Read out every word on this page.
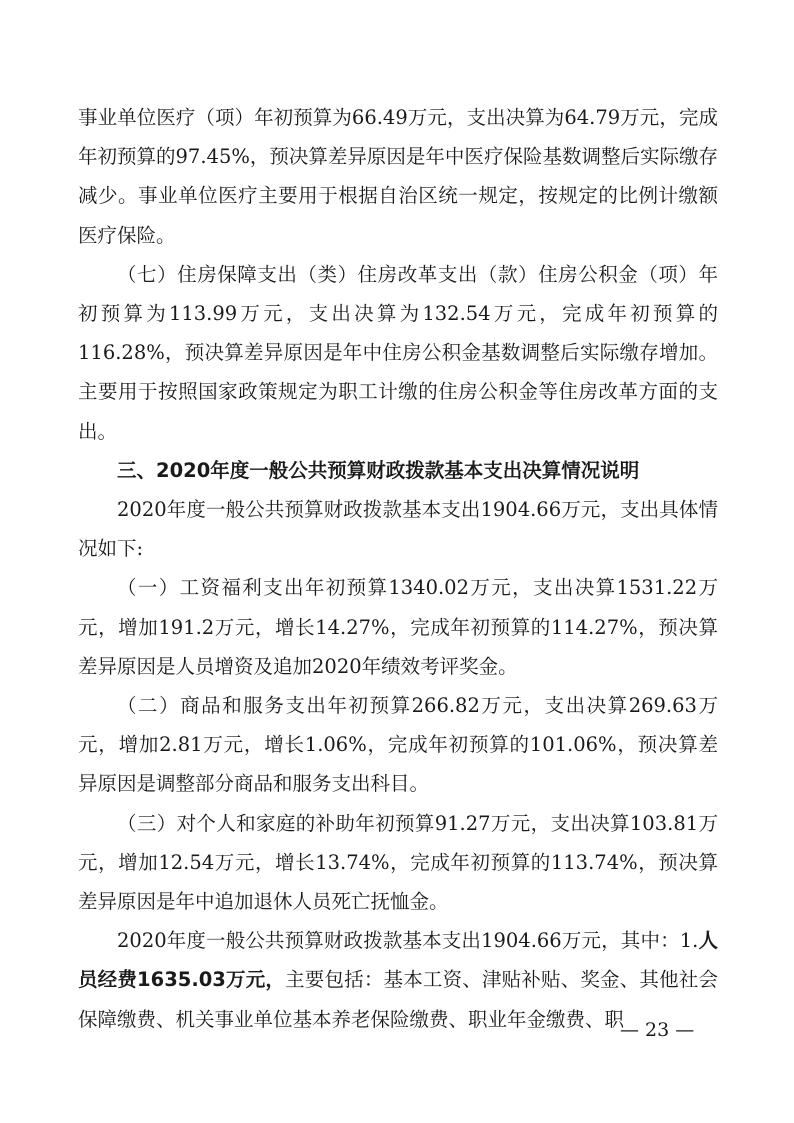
事业单位医疗（项）年初预算为66.49万元，支出决算为64.79万元，完成年初预算的97.45%，预决算差异原因是年中医疗保险基数调整后实际缴存减少。事业单位医疗主要用于根据自治区统一规定，按规定的比例计缴额医疗保险。

（七）住房保障支出（类）住房改革支出（款）住房公积金（项）年初预算为113.99万元，支出决算为132.54万元，完成年初预算的116.28%，预决算差异原因是年中住房公积金基数调整后实际缴存增加。主要用于按照国家政策规定为职工计缴的住房公积金等住房改革方面的支出。

三、2020年度一般公共预算财政拨款基本支出决算情况说明

2020年度一般公共预算财政拨款基本支出1904.66万元，支出具体情况如下:

（一）工资福利支出年初预算1340.02万元，支出决算1531.22万元，增加191.2万元，增长14.27%，完成年初预算的114.27%，预决算差异原因是人员增资及追加2020年绩效考评奖金。

（二）商品和服务支出年初预算266.82万元，支出决算269.63万元，增加2.81万元，增长1.06%，完成年初预算的101.06%，预决算差异原因是调整部分商品和服务支出科目。

（三）对个人和家庭的补助年初预算91.27万元，支出决算103.81万元，增加12.54万元，增长13.74%，完成年初预算的113.74%，预决算差异原因是年中追加退休人员死亡抚恤金。

2020年度一般公共预算财政拨款基本支出1904.66万元，其中：1.人员经费1635.03万元，主要包括：基本工资、津贴补贴、奖金、其他社会保障缴费、机关事业单位基本养老保险缴费、职业年金缴费、职

— 23 —
